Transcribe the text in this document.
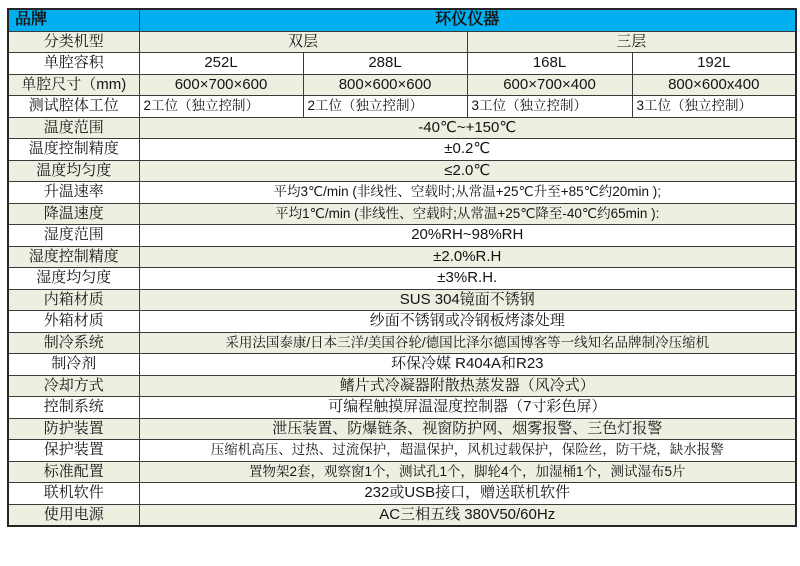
品牌	环仪仪器			
分类机型	双层		三层	
单腔容积	252L	288L	168L	192L
单腔尺寸（mm)	600×700×600	800×600×600	600×700×400	800×600x400
测试腔体工位	2工位（独立控制）	2工位（独立控制）	3工位（独立控制）	3工位（独立控制）
温度范围	-40℃~+150℃			
温度控制精度	±0.2℃			
温度均匀度	≤2.0℃			
升温速率	平均3℃/min (非线性、空载时;从常温+25℃升至+85℃约20min );			
降温速度	平均1℃/min (非线性、空载时;从常温+25℃降至-40℃约65min ):			
湿度范围	20%RH~98%RH			
湿度控制精度	±2.0%R.H			
湿度均匀度	±3%R.H.			
内箱材质	SUS 304镜面不锈钢			
外箱材质	纱面不锈钢或冷钢板烤漆处理			
制冷系统	采用法国泰康/日本三洋/美国谷轮/德国比泽尔德国博客等一线知名品牌制冷压缩机			
制冷剂	环保冷媒 R404A和R23			
冷却方式	鳍片式冷凝器附散热蒸发器（风冷式）			
控制系统	可编程触摸屏温湿度控制器（7寸彩色屏）			
防护装置	泄压装置、防爆链条、视窗防护网、烟雾报警、三色灯报警			
保护装置	压缩机高压、过热、过流保护，超温保护，风机过载保护，保险丝，防干烧，缺水报警			
标准配置	置物架2套，观察窗1个，测试孔1个，脚轮4个，加湿桶1个，测试湿布5片			
联机软件	232或USB接口，赠送联机软件			
使用电源	AC三相五线 380V50/60Hz			
